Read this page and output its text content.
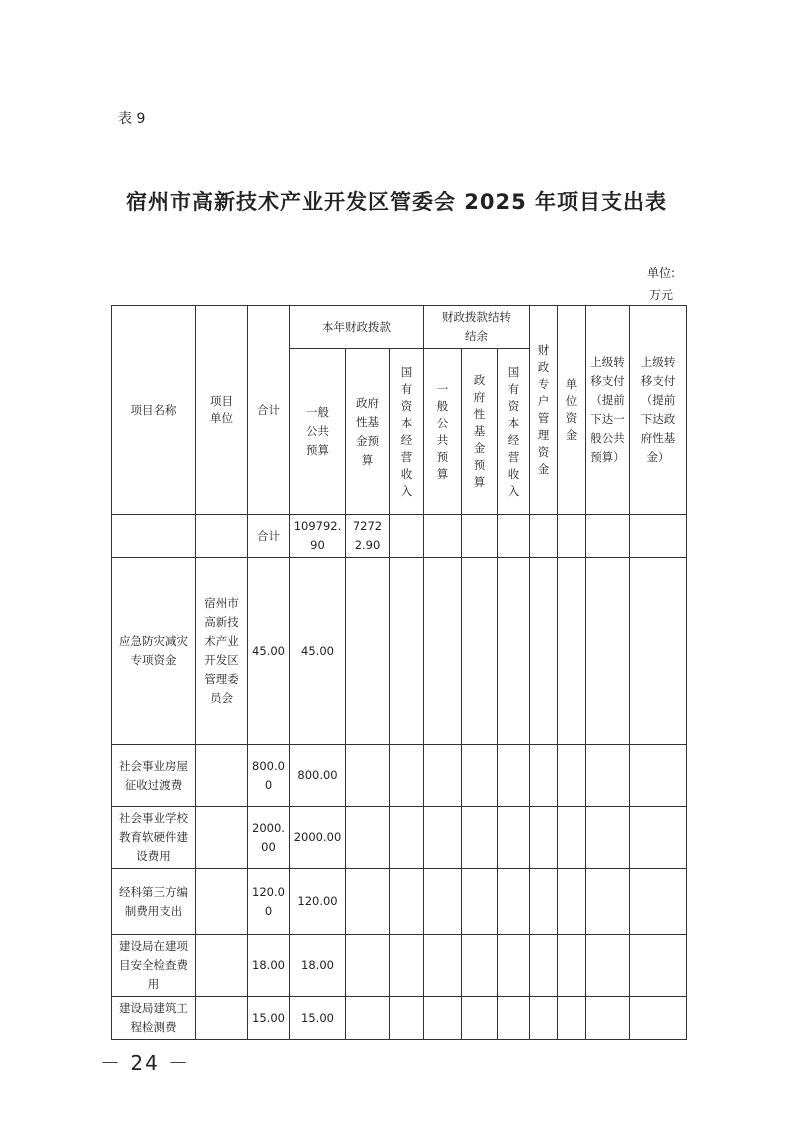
表 9
宿州市高新技术产业开发区管委会 2025 年项目支出表
单位:
万元
项目名称	项目单位	合计	本年财政拨款			财政拨款结转结余			财政专户管理资金	单位资金	上级转移支付（提前下达一般公共预算）	上级转移支付（提前下达政府性基金）

			一般公共预算	政府性基金预算	国有资本经营收入	一般公共预算	政府性基金预算	国有资本经营收入				

		合计	109792.90	72722.90								
应急防灾减灾专项资金	宿州市高新技术产业开发区管理委员会	45.00	45.00									
社会事业房屋征收过渡费		800.00	800.00									
社会事业学校教育软硬件建设费用		2000.00	2000.00									
经科第三方编制费用支出		120.00	120.00									
建设局在建项目安全检查费用		18.00	18.00									
建设局建筑工程检测费		15.00	15.00									
－ 24 －
